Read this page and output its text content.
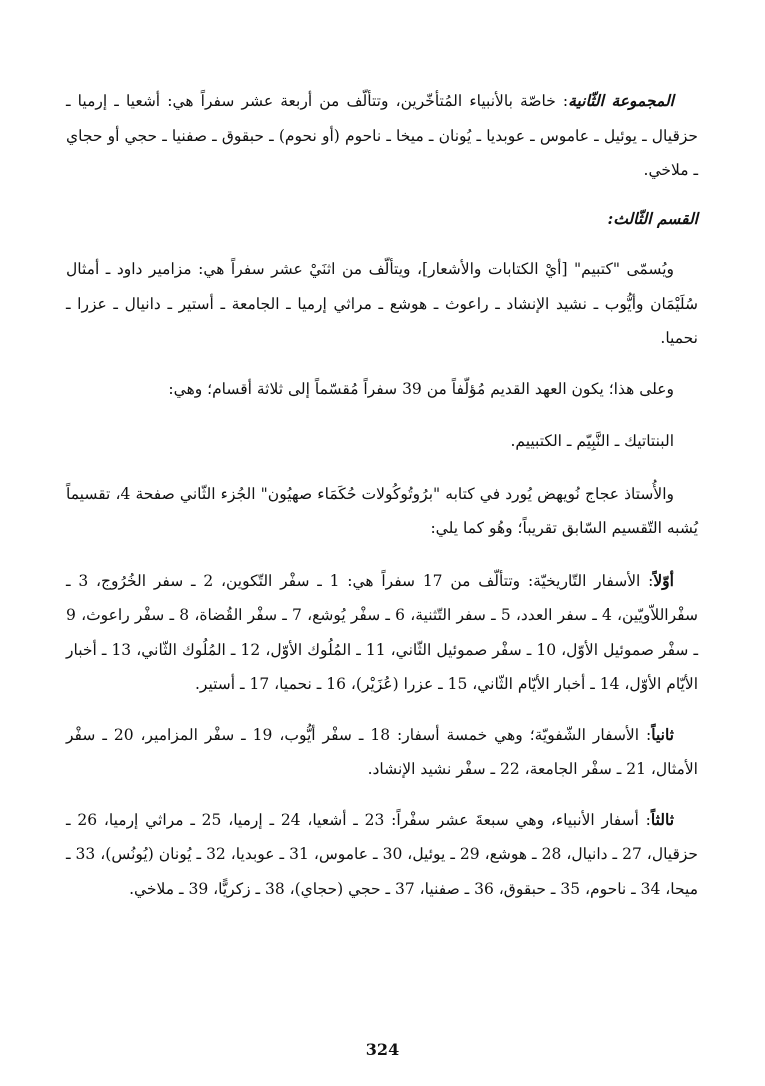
المجموعة الثّانية: خاصّة بالأنبياء المُتأخّرين، وتتألّف من أربعة عشر سفراً هي: أشعيا ـ إرميا ـ حزقيال ـ يوئيل ـ عاموس ـ عوبديا ـ يُونان ـ ميخا ـ ناحوم (أو نحوم) ـ حبقوق ـ صفنيا ـ حجي أو حجاي ـ ملاخي.

القسم الثّالث:

ويُسمّى "كتبيم" [أيْ الكتابات والأشعار]، ويتألّف من اثنَيْ عشر سفراً هي: مزامير داود ـ أمثال سُلَيْمَان وأيُّوب ـ نشيد الإنشاد ـ راعوث ـ هوشع ـ مراثي إرميا ـ الجامعة ـ أستير ـ دانيال ـ عزرا ـ نحميا.

وعلى هذا؛ يكون العهد القديم مُؤلّفاً من 39 سفراً مُقسّماً إلى ثلاثة أقسام؛ وهي:

البنتاتيك ـ النَّبِيّم ـ الكتبييم.

والأُستاذ عجاج نُويهض يُورد في كتابه "برُوتُوكُولات حُكَمَاء صهيُون" الجُزء الثّاني صفحة 4، تقسيماً يُشبه التّقسيم السّابق تقريباً؛ وهُو كما يلي:

أوّلاً: الأسفار التّاريخيّة: وتتألّف من 17 سفراً هي: 1 ـ سفْر التّكوين، 2 ـ سفر الخُرُوج، 3 ـ سفْراللاّويّين، 4 ـ سفر العدد، 5 ـ سفر التّثنية، 6 ـ سفْر يُوشع، 7 ـ سفْر القُضاة، 8 ـ سفْر راعوث، 9 ـ سفْر صموئيل الأوّل، 10 ـ سفْر صموئيل الثّاني، 11 ـ المُلُوك الأوّل، 12 ـ المُلُوك الثّاني، 13 ـ أخبار الأيّام الأوّل، 14 ـ أخبار الأيّام الثّاني، 15 ـ عزرا (عُزَيْر)، 16 ـ نحميا، 17 ـ أستير.

ثانياً: الأسفار الشّفويّة؛ وهي خمسة أسفار: 18 ـ سفْر أيُّوب، 19 ـ سفْر المزامير، 20 ـ سفْر الأمثال، 21 ـ سفْر الجامعة، 22 ـ سفْر نشيد الإنشاد.

ثالثاً: أسفار الأنبياء، وهي سبعةَ عشر سفْراً: 23 ـ أشعيا، 24 ـ إرميا، 25 ـ مراثي إرميا، 26 ـ حزقيال، 27 ـ دانيال، 28 ـ هوشع، 29 ـ يوئيل، 30 ـ عاموس، 31 ـ عوبديا، 32 ـ يُونان (يُونُس)، 33 ـ ميحا، 34 ـ ناحوم، 35 ـ حبقوق، 36 ـ صفنيا، 37 ـ حجي (حجاي)، 38 ـ زكريًّا، 39 ـ ملاخي.

324
